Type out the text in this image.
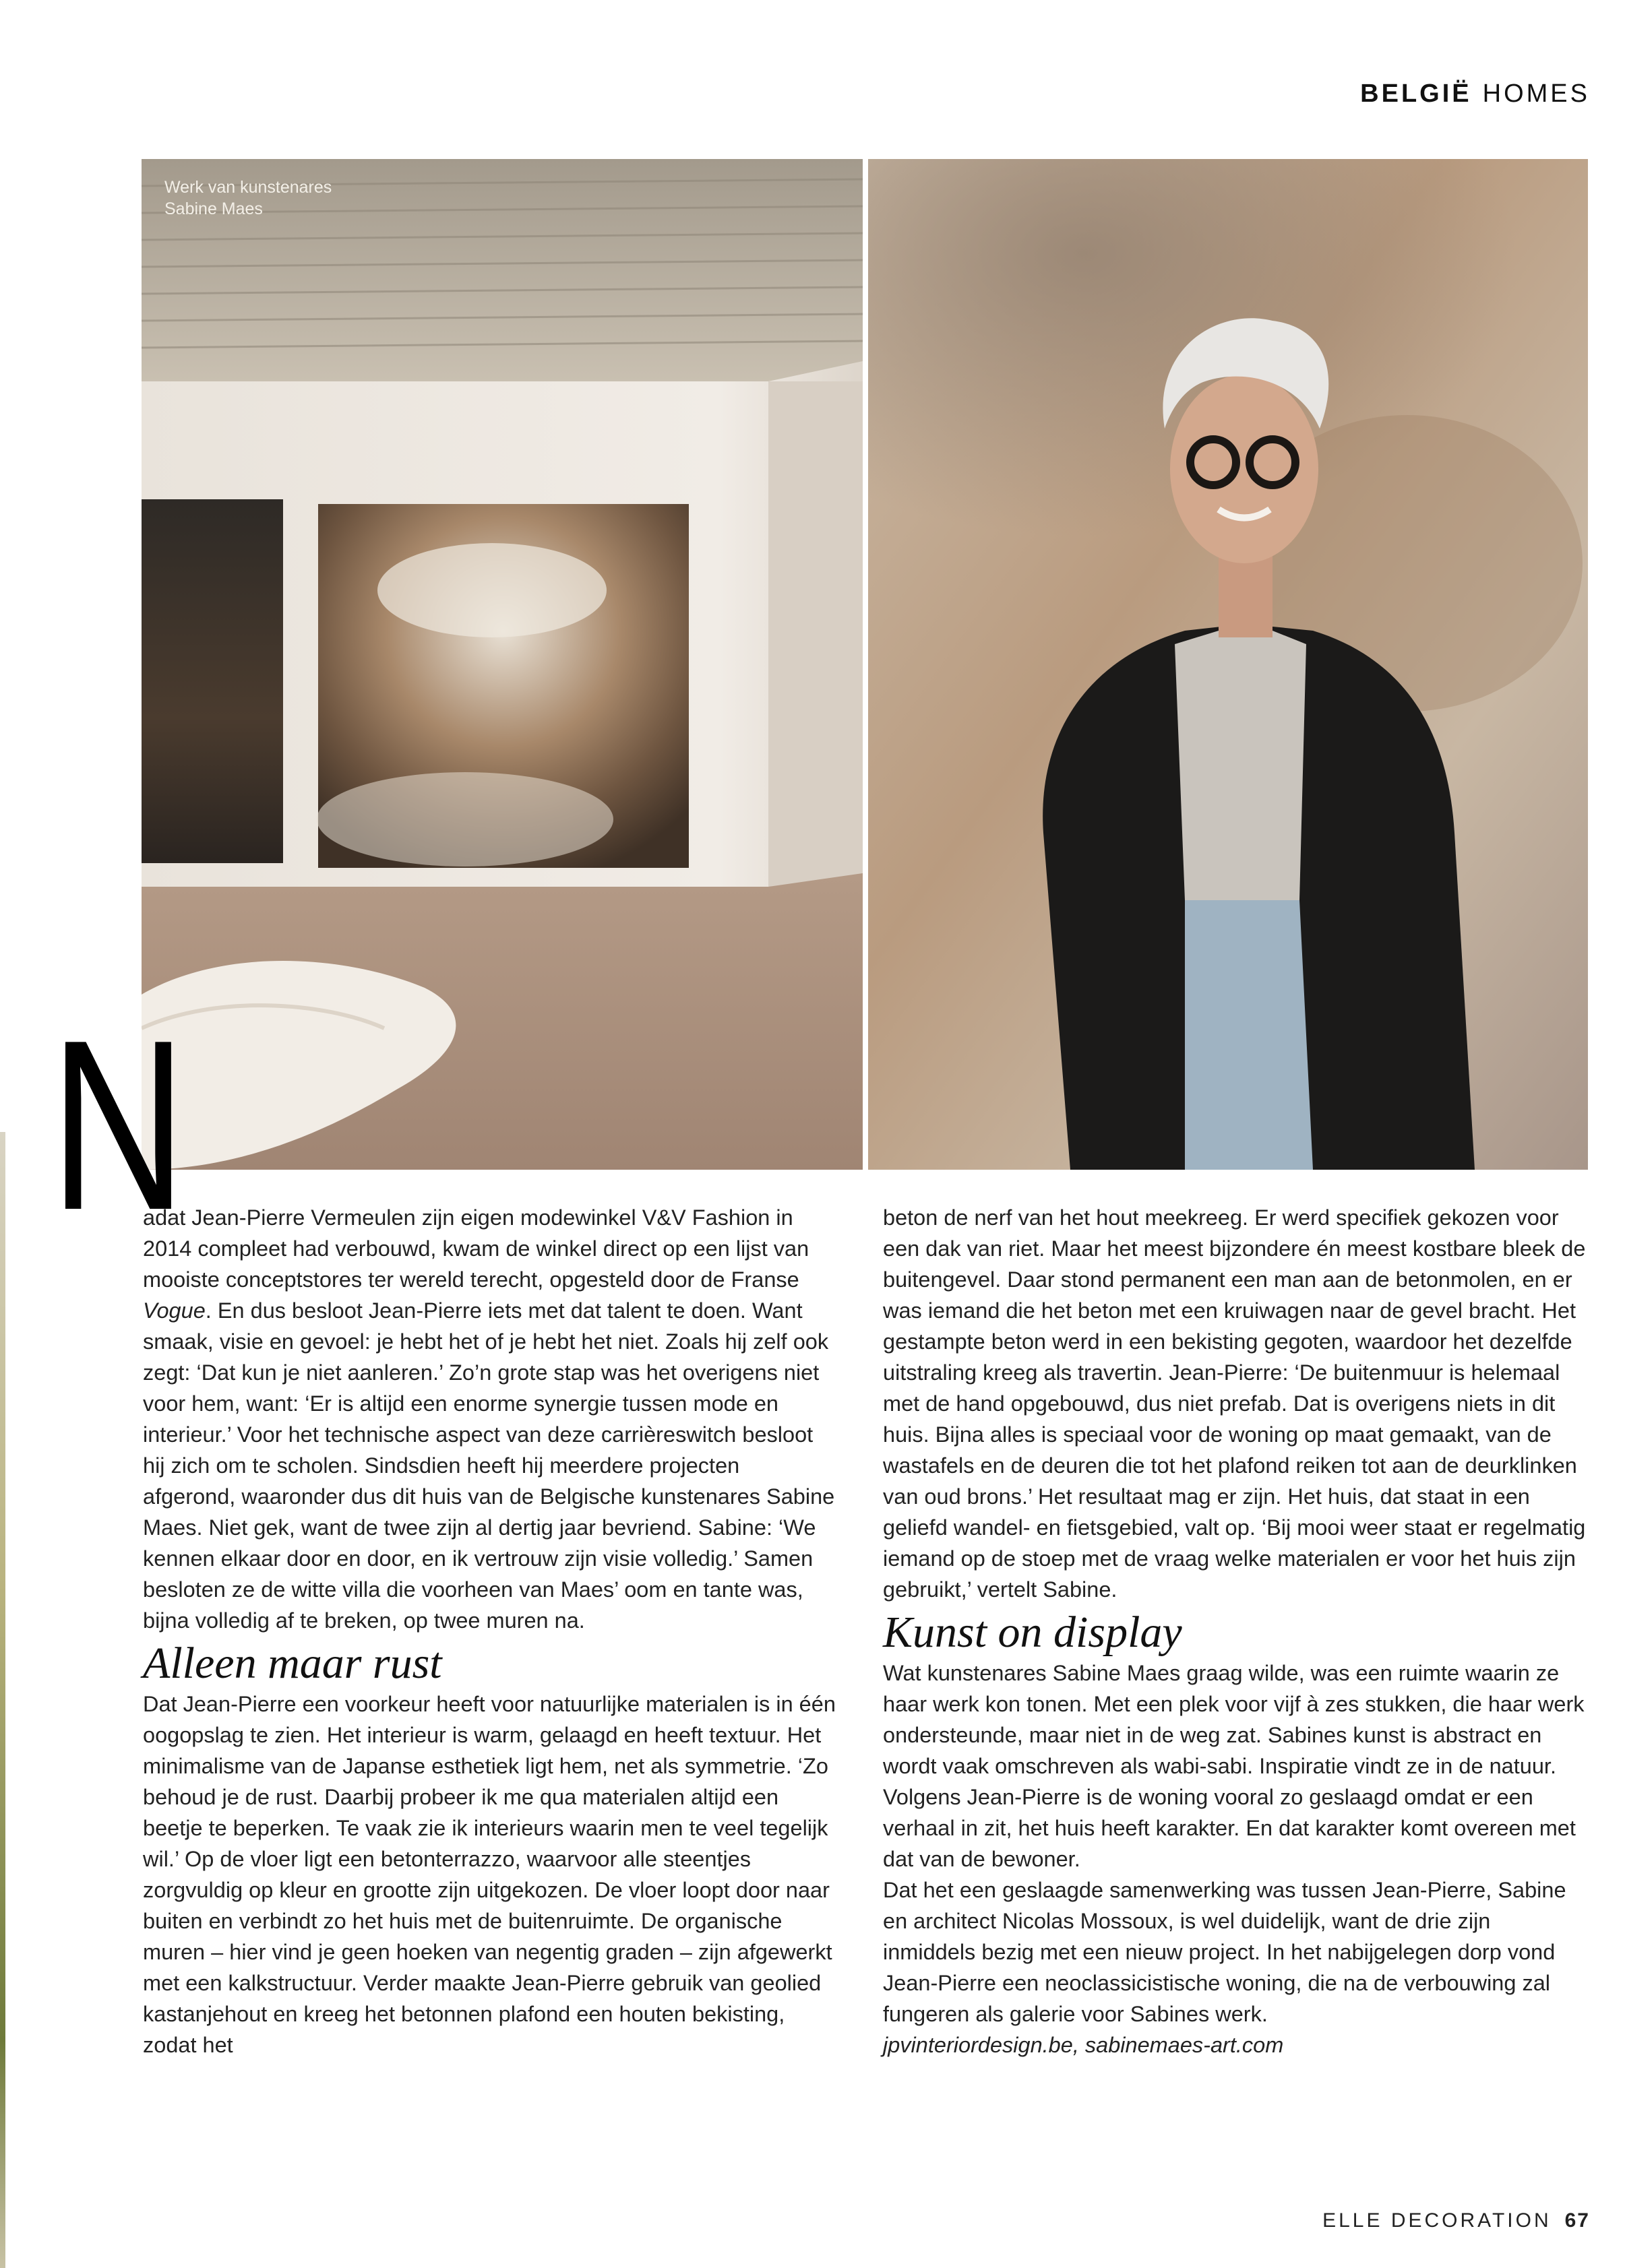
BELGIË HOMES
Werk van kunstenares
Sabine Maes
N

adat Jean-Pierre Vermeulen zijn eigen modewinkel V&V Fashion in 2014 compleet had verbouwd, kwam de winkel direct op een lijst van mooiste conceptstores ter wereld terecht, opgesteld door de Franse Vogue. En dus besloot Jean-Pierre iets met dat talent te doen. Want smaak, visie en gevoel: je hebt het of je hebt het niet. Zoals hij zelf ook zegt: ‘Dat kun je niet aanleren.’ Zo’n grote stap was het overigens niet voor hem, want: ‘Er is altijd een enorme synergie tussen mode en interieur.’ Voor het technische aspect van deze carrièreswitch besloot hij zich om te scholen. Sindsdien heeft hij meerdere projecten afgerond, waaronder dus dit huis van de Belgische kunstenares Sabine Maes. Niet gek, want de twee zijn al dertig jaar bevriend. Sabine: ‘We kennen elkaar door en door, en ik vertrouw zijn visie volledig.’ Samen besloten ze de witte villa die voorheen van Maes’ oom en tante was, bijna volledig af te breken, op twee muren na.

Alleen maar rust

Dat Jean-Pierre een voorkeur heeft voor natuurlijke materialen is in één oogopslag te zien. Het interieur is warm, gelaagd en heeft textuur. Het minimalisme van de Japanse esthetiek ligt hem, net als symmetrie. ‘Zo behoud je de rust. Daarbij probeer ik me qua materialen altijd een beetje te beperken. Te vaak zie ik interieurs waarin men te veel tegelijk wil.’ Op de vloer ligt een betonterrazzo, waarvoor alle steentjes zorgvuldig op kleur en grootte zijn uitgekozen. De vloer loopt door naar buiten en verbindt zo het huis met de buitenruimte. De organische muren – hier vind je geen hoeken van negentig graden – zijn afgewerkt met een kalkstructuur. Verder maakte Jean-Pierre gebruik van geolied kastanjehout en kreeg het betonnen plafond een houten bekisting, zodat het

beton de nerf van het hout meekreeg. Er werd specifiek gekozen voor een dak van riet. Maar het meest bijzondere én meest kostbare bleek de buitengevel. Daar stond permanent een man aan de betonmolen, en er was iemand die het beton met een kruiwagen naar de gevel bracht. Het gestampte beton werd in een bekisting gegoten, waardoor het dezelfde uitstraling kreeg als travertin. Jean-Pierre: ‘De buitenmuur is helemaal met de hand opgebouwd, dus niet prefab. Dat is overigens niets in dit huis. Bijna alles is speciaal voor de woning op maat gemaakt, van de wastafels en de deuren die tot het plafond reiken tot aan de deurklinken van oud brons.’ Het resultaat mag er zijn. Het huis, dat staat in een geliefd wandel- en fietsgebied, valt op. ‘Bij mooi weer staat er regelmatig iemand op de stoep met de vraag welke materialen er voor het huis zijn gebruikt,’ vertelt Sabine.

Kunst on display

Wat kunstenares Sabine Maes graag wilde, was een ruimte waarin ze haar werk kon tonen. Met een plek voor vijf à zes stukken, die haar werk ondersteunde, maar niet in de weg zat. Sabines kunst is abstract en wordt vaak omschreven als wabi-sabi. Inspiratie vindt ze in de natuur. Volgens Jean-Pierre is de woning vooral zo geslaagd omdat er een verhaal in zit, het huis heeft karakter. En dat karakter komt overeen met dat van de bewoner.

Dat het een geslaagde samenwerking was tussen Jean-Pierre, Sabine en architect Nicolas Mossoux, is wel duidelijk, want de drie zijn inmiddels bezig met een nieuw project. In het nabijgelegen dorp vond Jean-Pierre een neoclassicistische woning, die na de verbouwing zal fungeren als galerie voor Sabines werk.

jpvinteriordesign.be, sabinemaes-art.com

ELLE DECORATION 67
